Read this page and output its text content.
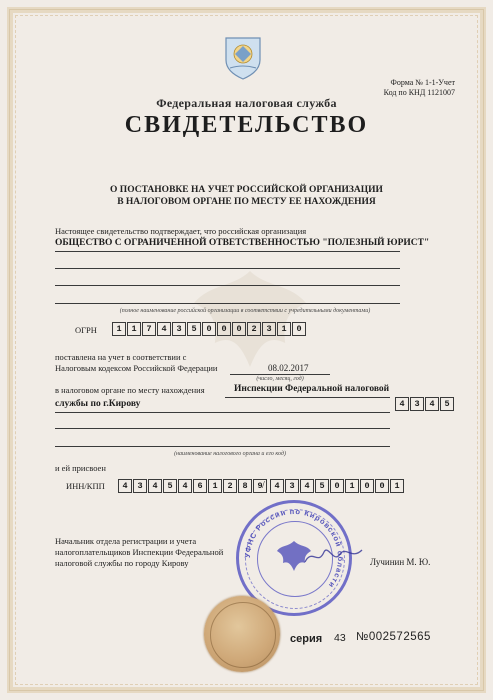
Форма № 1-1-Учет
Код по КНД 1121007
Федеральная налоговая служба
СВИДЕТЕЛЬСТВО
О ПОСТАНОВКЕ НА УЧЕТ РОССИЙСКОЙ ОРГАНИЗАЦИИ
В НАЛОГОВОМ ОРГАНЕ ПО МЕСТУ ЕЕ НАХОЖДЕНИЯ
Настоящее свидетельство подтверждает, что российская организация
ОБЩЕСТВО С ОГРАНИЧЕННОЙ ОТВЕТСТВЕННОСТЬЮ "ПОЛЕЗНЫЙ ЮРИСТ"
(полное наименование российской организации в соответствии с учредительными документами)
ОГРН	1	1	7	4	3	5	0	0	0	2	3	1	0
поставлена на учет в соответствии с
Налоговым кодексом Российской Федерации	08.02.2017
(число, месяц, год)
в налоговом органе по месту нахождения	Инспекции Федеральной налоговой
службы по г.Кирову	4	3	4	5
(наименование налогового органа и его код)
и ей присвоен
ИНН/КПП	4	3	4	5	4	6	1	2	8	9 /	4	3	4	5	0	1	0	0	1
Начальник отдела регистрации и учета
налогоплательщиков Инспекции Федеральной
налоговой службы по городу Кирову
УФНС России по Кировской области
Лучинин М. Ю.
серия 43 №002572565
